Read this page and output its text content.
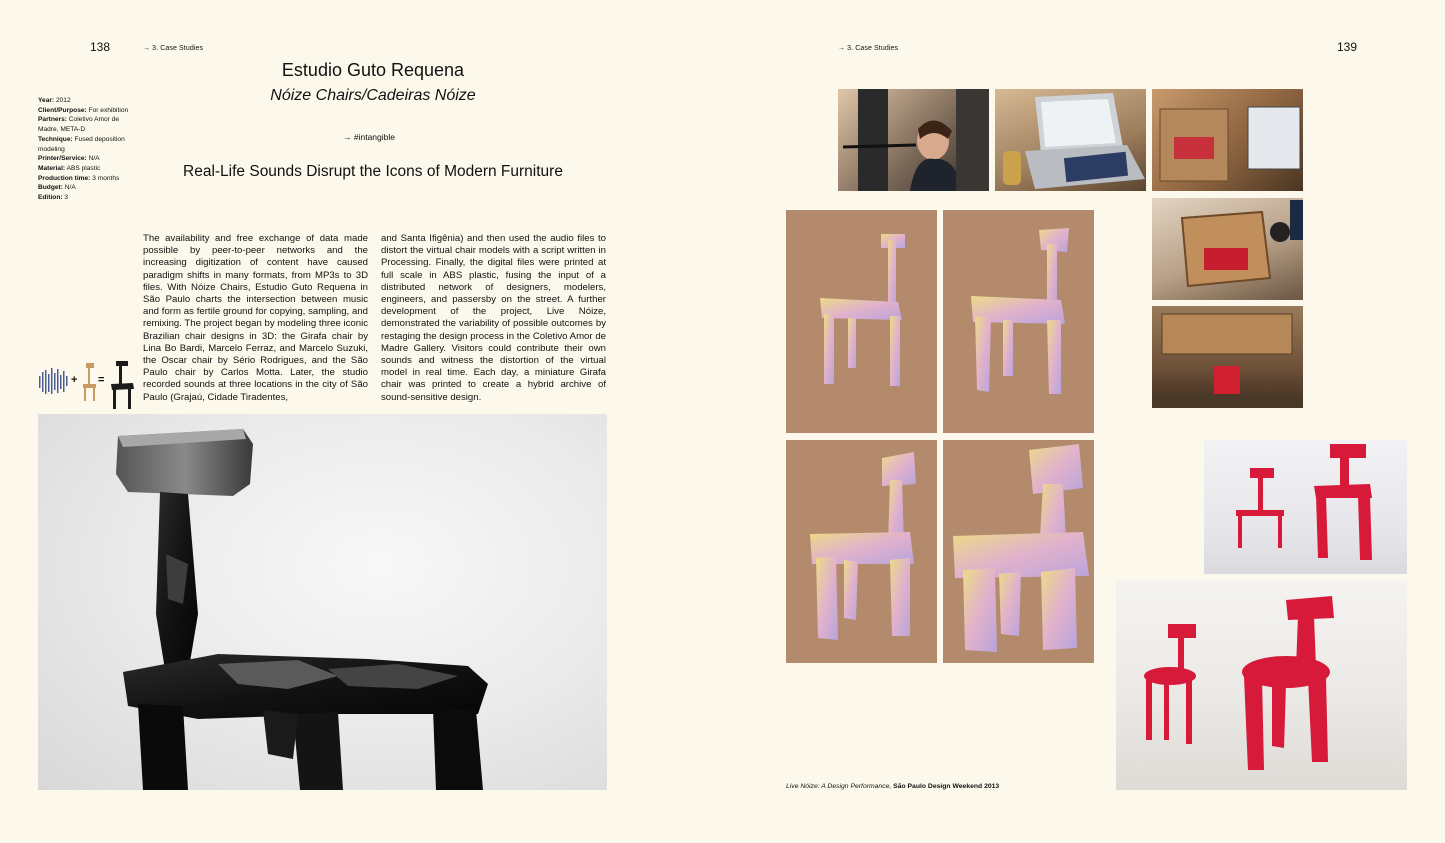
138	→ 3. Case Studies
Estudio Guto Requena
Nóize Chairs/Cadeiras Nóize
→ #intangible
Real-Life Sounds Disrupt the Icons of Modern Furniture
Year: 2012
Client/Purpose: For exhibition
Partners: Coletivo Amor de Madre, META-D
Technique: Fused deposition modeling
Printer/Service: N/A
Material: ABS plastic
Production time: 3 months
Budget: N/A
Edition: 3
The availability and free exchange of data made possible by peer-to-peer networks and the increasing digitization of content have caused paradigm shifts in many formats, from MP3s to 3D files. With Nóize Chairs, Estudio Guto Requena in São Paulo charts the intersection between music and form as fertile ground for copying, sampling, and remixing. The project began by modeling three iconic Brazilian chair designs in 3D: the Girafa chair by Lina Bo Bardi, Marcelo Ferraz, and Marcelo Suzuki, the Oscar chair by Sério Rodrigues, and the São Paulo chair by Carlos Motta. Later, the studio recorded sounds at three locations in the city of São Paulo (Grajaú, Cidade Tiradentes,
and Santa Ifigênia) and then used the audio files to distort the virtual chair models with a script written in Processing. Finally, the digital files were printed at full scale in ABS plastic, fusing the input of a distributed network of designers, modelers, engineers, and passersby on the street. A further development of the project, Live Nóize, demonstrated the variability of possible outcomes by restaging the design process in the Coletivo Amor de Madre Gallery. Visitors could contribute their own sounds and witness the distortion of the virtual model in real time. Each day, a miniature Girafa chair was printed to create a hybrid archive of sound-sensitive design.
+ =
→ 3. Case Studies	139
Live Nóize: A Design Performance, São Paulo Design Weekend 2013
